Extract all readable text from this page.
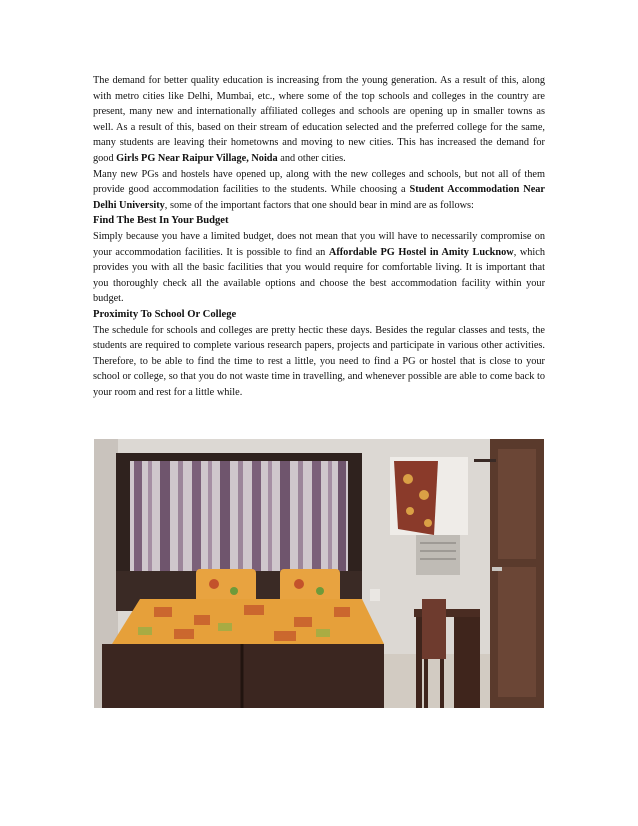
The demand for better quality education is increasing from the young generation. As a result of this, along with metro cities like Delhi, Mumbai, etc., where some of the top schools and colleges in the country are present, many new and internationally affiliated colleges and schools are opening up in smaller towns as well. As a result of this, based on their stream of education selected and the preferred college for the same, many students are leaving their hometowns and moving to new cities. This has increased the demand for good Girls PG Near Raipur Village, Noida and other cities.

Many new PGs and hostels have opened up, along with the new colleges and schools, but not all of them provide good accommodation facilities to the students. While choosing a Student Accommodation Near Delhi University, some of the important factors that one should bear in mind are as follows:

Find The Best In Your Budget

Simply because you have a limited budget, does not mean that you will have to necessarily compromise on your accommodation facilities. It is possible to find an Affordable PG Hostel in Amity Lucknow, which provides you with all the basic facilities that you would require for comfortable living. It is important that you thoroughly check all the available options and choose the best accommodation facility within your budget.

Proximity To School Or College

The schedule for schools and colleges are pretty hectic these days. Besides the regular classes and tests, the students are required to complete various research papers, projects and participate in various other activities. Therefore, to be able to find the time to rest a little, you need to find a PG or hostel that is close to your school or college, so that you do not waste time in travelling, and whenever possible are able to come back to your room and rest for a little while.
